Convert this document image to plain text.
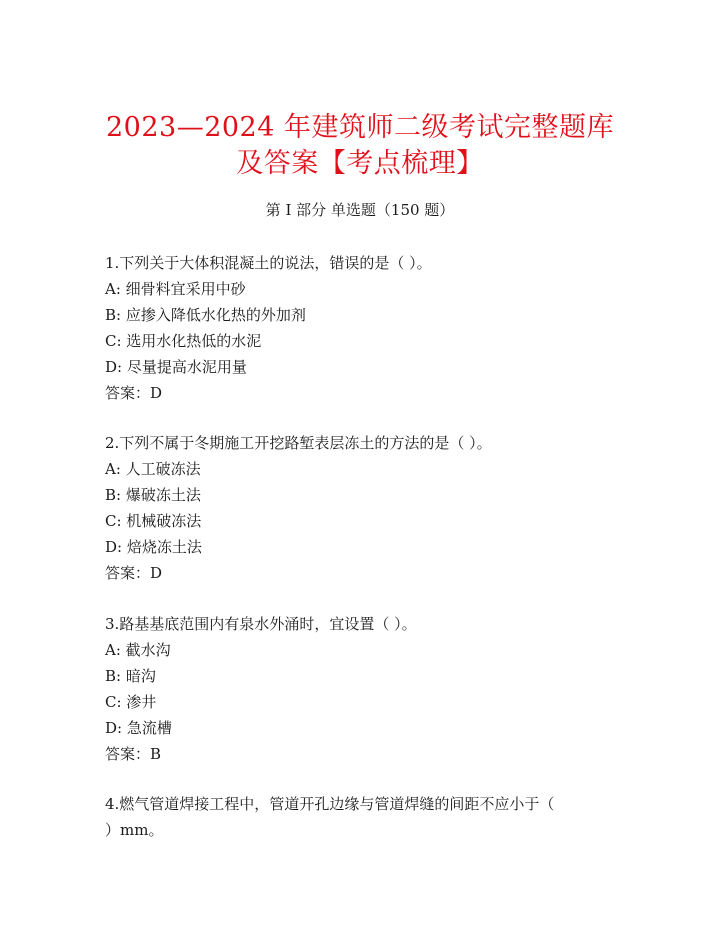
2023—2024 年建筑师二级考试完整题库及答案【考点梳理】
第 I 部分 单选题（150 题）
1.下列关于大体积混凝土的说法，错误的是（ ）。
A: 细骨料宜采用中砂
B: 应掺入降低水化热的外加剂
C: 选用水化热低的水泥
D: 尽量提高水泥用量
答案：D
2.下列不属于冬期施工开挖路堑表层冻土的方法的是（ ）。
A: 人工破冻法
B: 爆破冻土法
C: 机械破冻法
D: 焙烧冻土法
答案：D
3.路基基底范围内有泉水外涌时，宜设置（ ）。
A: 截水沟
B: 暗沟
C: 渗井
D: 急流槽
答案：B
4.燃气管道焊接工程中，管道开孔边缘与管道焊缝的间距不应小于（
）mm。
